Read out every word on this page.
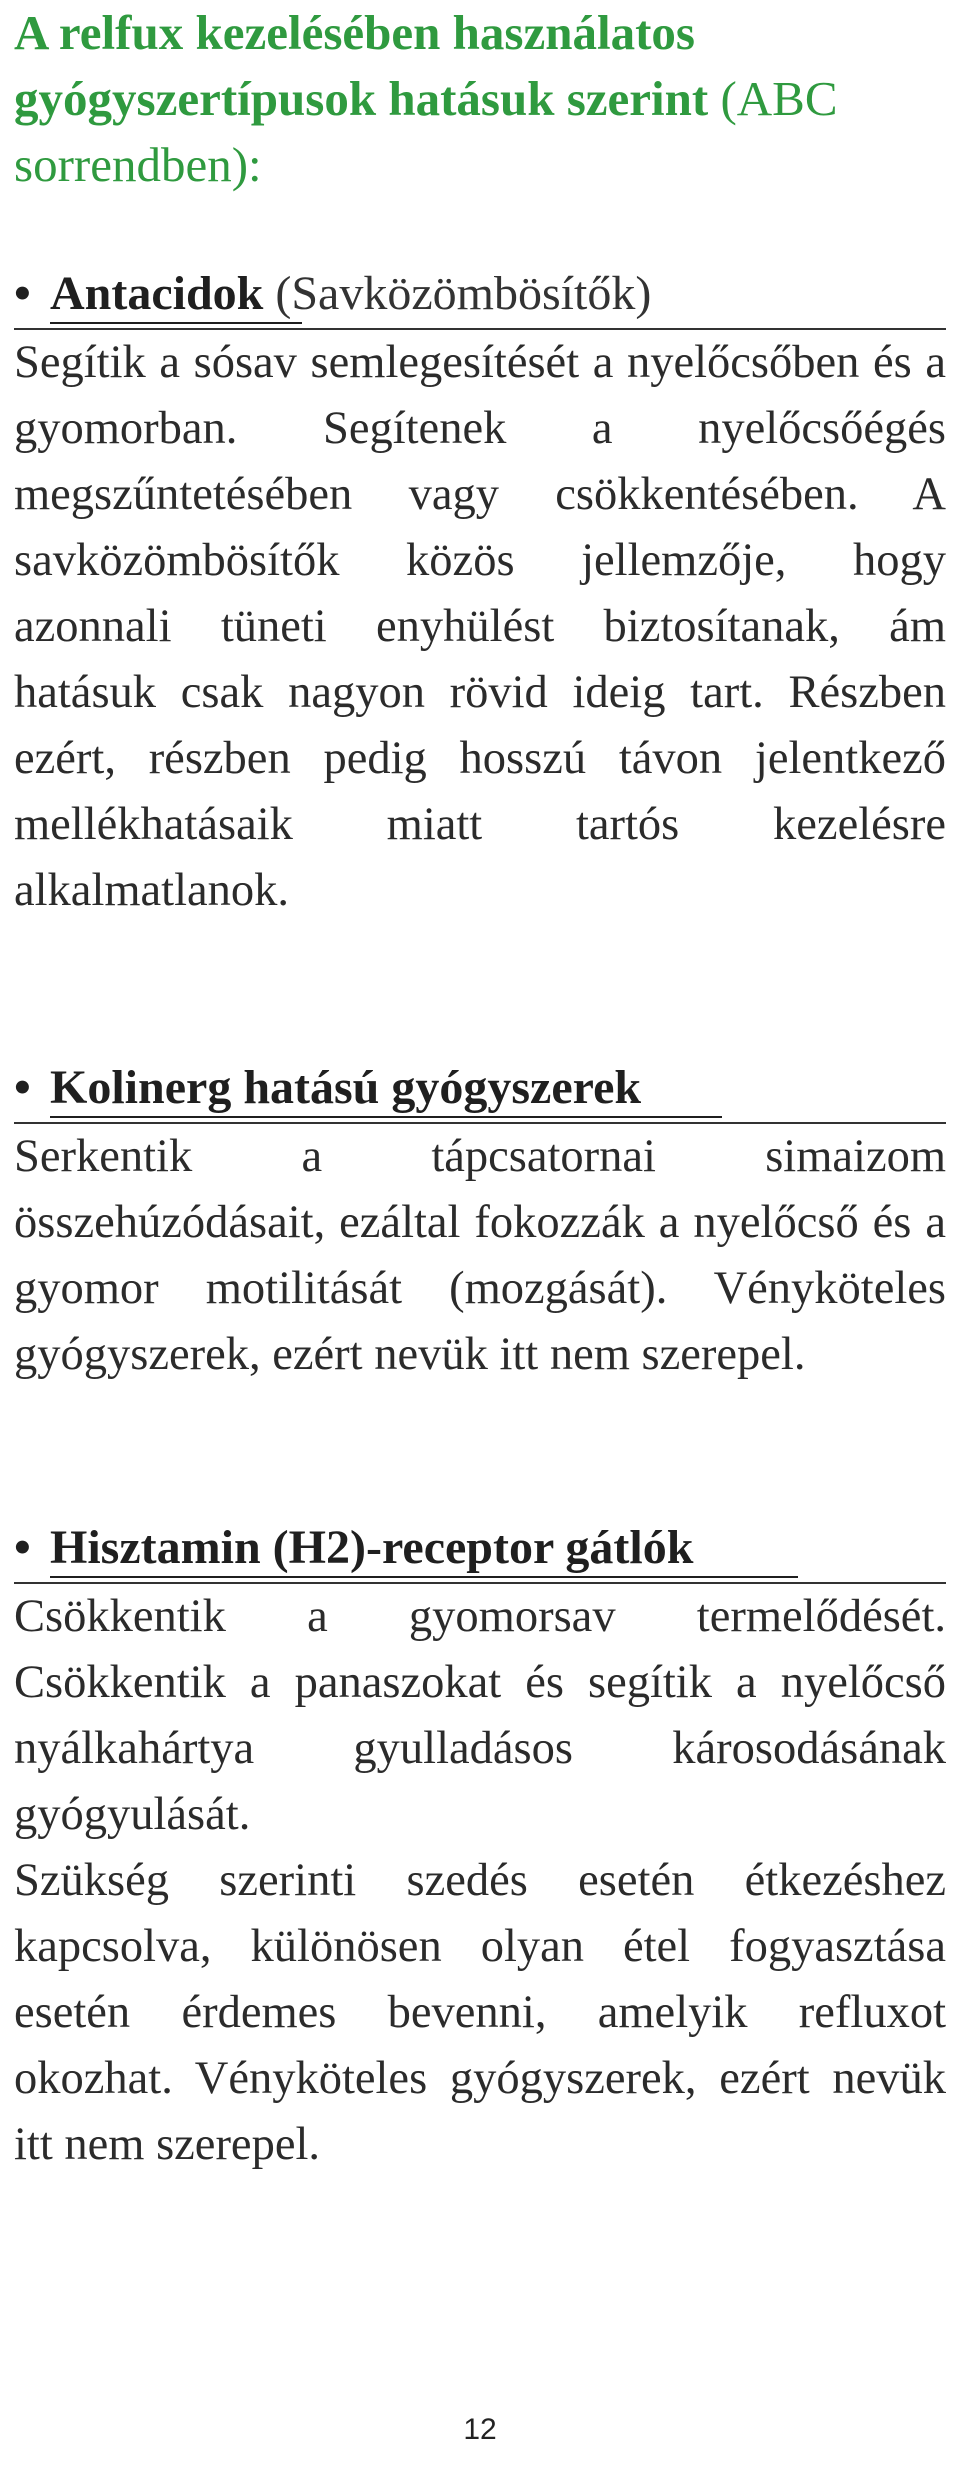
A relfux kezelésében használatos gyógyszertípusok hatásuk szerint (ABC sorrendben):
• Antacidok (Savközömbösítők)

Segítik a sósav semlegesítését a nyelőcsőben és a gyomorban. Segítenek a nyelőcsőégés megszűntetésében vagy csökkentésében. A savközömbösítők közös jellemzője, hogy azonnali tüneti enyhülést biztosítanak, ám hatásuk csak nagyon rövid ideig tart. Részben ezért, részben pedig hosszú távon jelentkező mellékhatásaik miatt tartós kezelésre alkalmatlanok.

• Kolinerg hatású gyógyszerek

Serkentik a tápcsatornai simaizom összehúzódásait, ezáltal fokozzák a nyelőcső és a gyomor motilitását (mozgását). Vényköteles gyógyszerek, ezért nevük itt nem szerepel.

• Hisztamin (H2)-receptor gátlók

Csökkentik a gyomorsav termelődését. Csökkentik a panaszokat és segítik a nyelőcső nyálkahártya gyulladásos károsodásának gyógyulását.

Szükség szerinti szedés esetén étkezéshez kapcsolva, különösen olyan étel fogyasztása esetén érdemes bevenni, amelyik refluxot okozhat. Vényköteles gyógyszerek, ezért nevük itt nem szerepel.

12
